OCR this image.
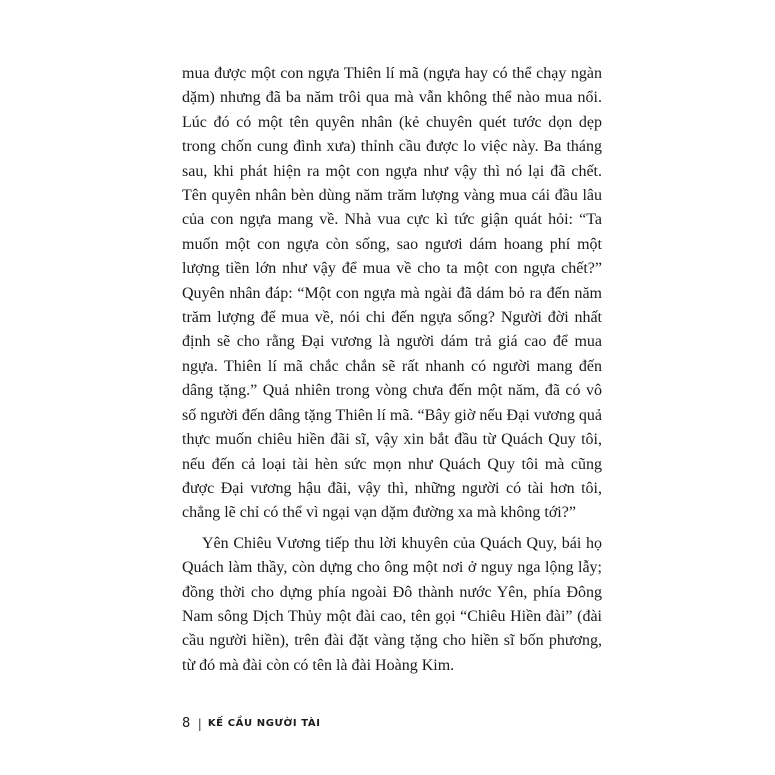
mua được một con ngựa Thiên lí mã (ngựa hay có thể chạy ngàn dặm) nhưng đã ba năm trôi qua mà vẫn không thể nào mua nổi. Lúc đó có một tên quyên nhân (kẻ chuyên quét tước dọn dẹp trong chốn cung đình xưa) thỉnh cầu được lo việc này. Ba tháng sau, khi phát hiện ra một con ngựa như vậy thì nó lại đã chết. Tên quyên nhân bèn dùng năm trăm lượng vàng mua cái đầu lâu của con ngựa mang về. Nhà vua cực kì tức giận quát hỏi: “Ta muốn một con ngựa còn sống, sao ngươi dám hoang phí một lượng tiền lớn như vậy để mua về cho ta một con ngựa chết?” Quyên nhân đáp: “Một con ngựa mà ngài đã dám bỏ ra đến năm trăm lượng để mua về, nói chi đến ngựa sống? Người đời nhất định sẽ cho rằng Đại vương là người dám trả giá cao để mua ngựa. Thiên lí mã chắc chắn sẽ rất nhanh có người mang đến dâng tặng.” Quả nhiên trong vòng chưa đến một năm, đã có vô số người đến dâng tặng Thiên lí mã. “Bây giờ nếu Đại vương quả thực muốn chiêu hiền đãi sĩ, vậy xin bắt đầu từ Quách Quy tôi, nếu đến cả loại tài hèn sức mọn như Quách Quy tôi mà cũng được Đại vương hậu đãi, vậy thì, những người có tài hơn tôi, chẳng lẽ chỉ có thể vì ngại vạn dặm đường xa mà không tới?”

Yên Chiêu Vương tiếp thu lời khuyên của Quách Quy, bái họ Quách làm thầy, còn dựng cho ông một nơi ở nguy nga lộng lẫy; đồng thời cho dựng phía ngoài Đô thành nước Yên, phía Đông Nam sông Dịch Thủy một đài cao, tên gọi “Chiêu Hiền đài” (đài cầu người hiền), trên đài đặt vàng tặng cho hiền sĩ bốn phương, từ đó mà đài còn có tên là đài Hoàng Kim.

8 | KẾ CẦU NGƯỜI TÀI
